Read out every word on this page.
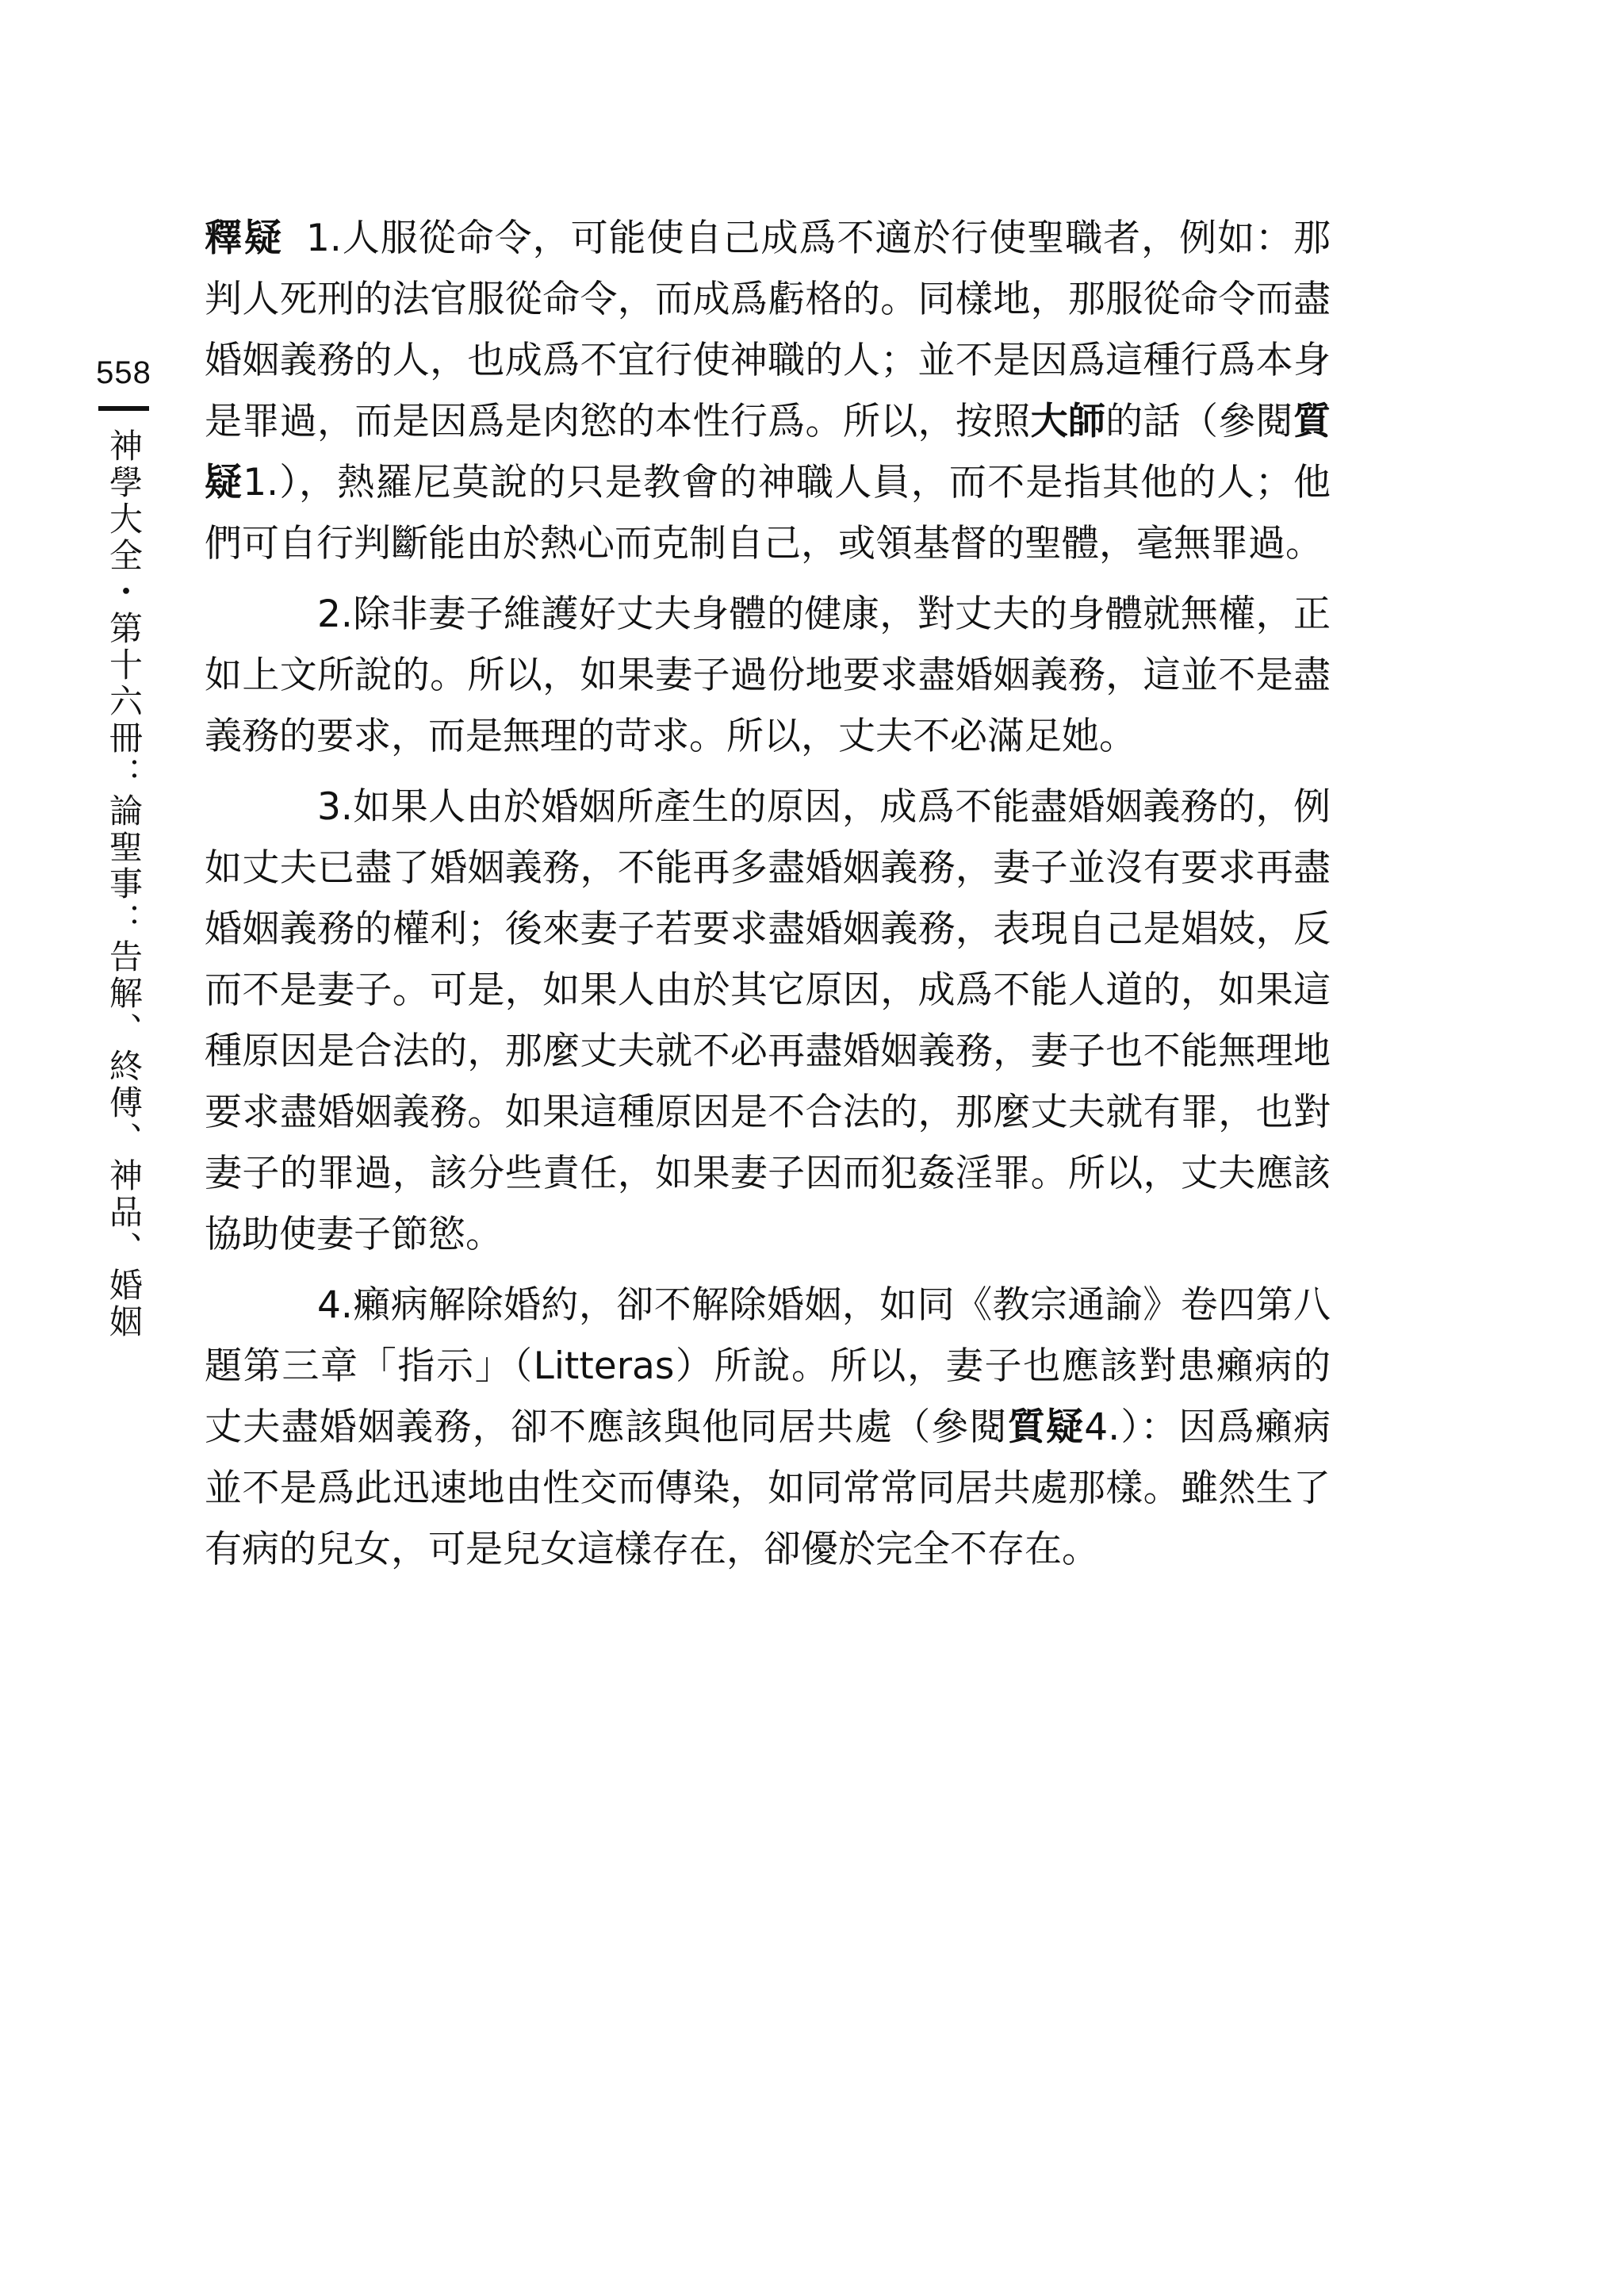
558
神學大全・第十六冊：論聖事：告解、終傅、神品、婚姻

釋疑 1.人服從命令，可能使自己成爲不適於行使聖職者，例如：那判人死刑的法官服從命令，而成爲虧格的。同樣地，那服從命令而盡婚姻義務的人，也成爲不宜行使神職的人；並不是因爲這種行爲本身是罪過，而是因爲是肉慾的本性行爲。所以，按照大師的話（參閱質疑1.），熱羅尼莫說的只是教會的神職人員，而不是指其他的人；他們可自行判斷能由於熱心而克制自己，或領基督的聖體，毫無罪過。

2.除非妻子維護好丈夫身體的健康，對丈夫的身體就無權，正如上文所說的。所以，如果妻子過份地要求盡婚姻義務，這並不是盡義務的要求，而是無理的苛求。所以，丈夫不必滿足她。

3.如果人由於婚姻所產生的原因，成爲不能盡婚姻義務的，例如丈夫已盡了婚姻義務，不能再多盡婚姻義務，妻子並沒有要求再盡婚姻義務的權利；後來妻子若要求盡婚姻義務，表現自己是娼妓，反而不是妻子。可是，如果人由於其它原因，成爲不能人道的，如果這種原因是合法的，那麼丈夫就不必再盡婚姻義務，妻子也不能無理地要求盡婚姻義務。如果這種原因是不合法的，那麼丈夫就有罪，也對妻子的罪過，該分些責任，如果妻子因而犯姦淫罪。所以，丈夫應該協助使妻子節慾。

4.癩病解除婚約，卻不解除婚姻，如同《教宗通諭》卷四第八題第三章「指示」（Litteras）所說。所以，妻子也應該對患癩病的丈夫盡婚姻義務，卻不應該與他同居共處（參閱質疑4.）：因爲癩病並不是爲此迅速地由性交而傳染，如同常常同居共處那樣。雖然生了有病的兒女，可是兒女這樣存在，卻優於完全不存在。
